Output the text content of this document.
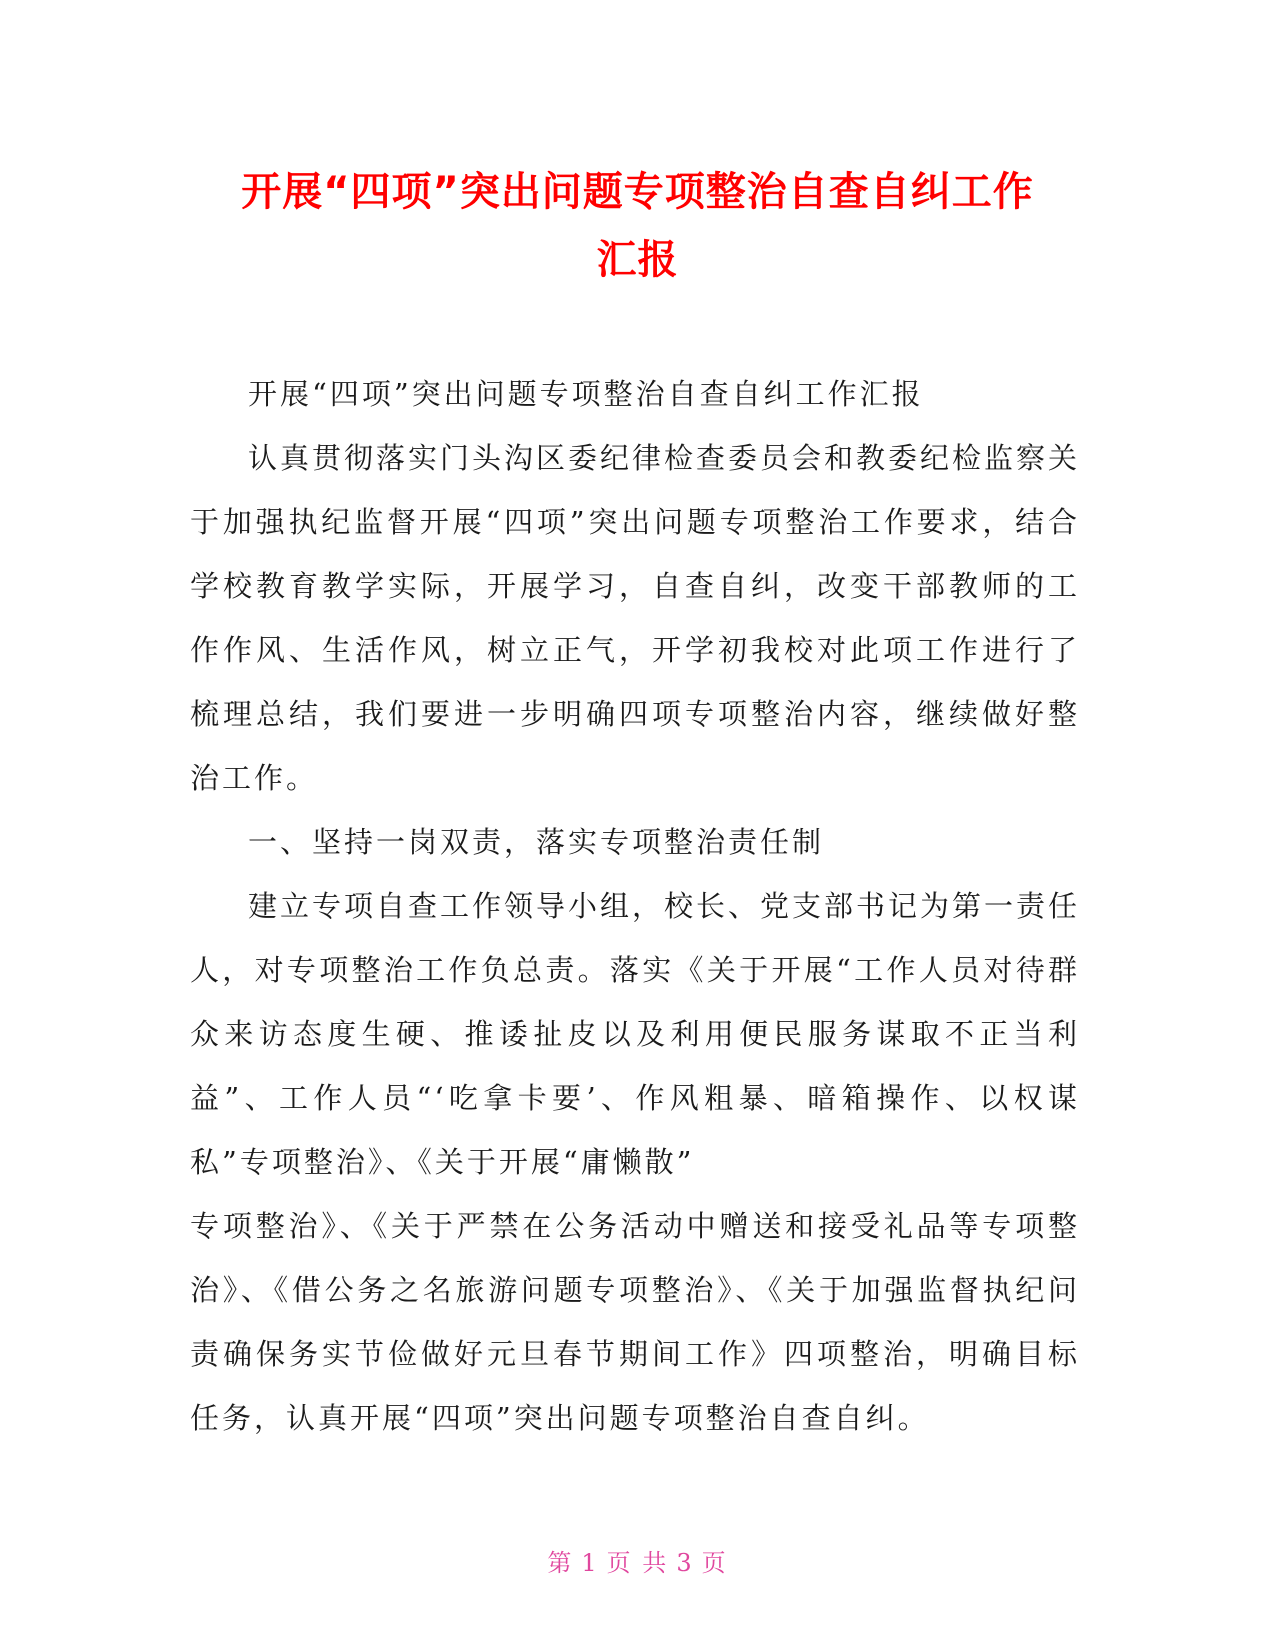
开展“四项”突出问题专项整治自查自纠工作
汇报

开展“四项”突出问题专项整治自查自纠工作汇报

认真贯彻落实门头沟区委纪律检查委员会和教委纪检监察关于加强执纪监督开展“四项”突出问题专项整治工作要求，结合学校教育教学实际，开展学习，自查自纠，改变干部教师的工作作风、生活作风，树立正气，开学初我校对此项工作进行了梳理总结，我们要进一步明确四项专项整治内容，继续做好整治工作。

一、坚持一岗双责，落实专项整治责任制

建立专项自查工作领导小组，校长、党支部书记为第一责任人，对专项整治工作负总责。落实《关于开展“工作人员对待群众来访态度生硬、推诿扯皮以及利用便民服务谋取不正当利益”、工作人员“‘吃拿卡要’、作风粗暴、暗箱操作、以权谋私”专项整治》、《关于开展“庸懒散”

专项整治》、《关于严禁在公务活动中赠送和接受礼品等专项整治》、《借公务之名旅游问题专项整治》、《关于加强监督执纪问责确保务实节俭做好元旦春节期间工作》四项整治，明确目标任务，认真开展“四项”突出问题专项整治自查自纠。

第 1 页 共 3 页
